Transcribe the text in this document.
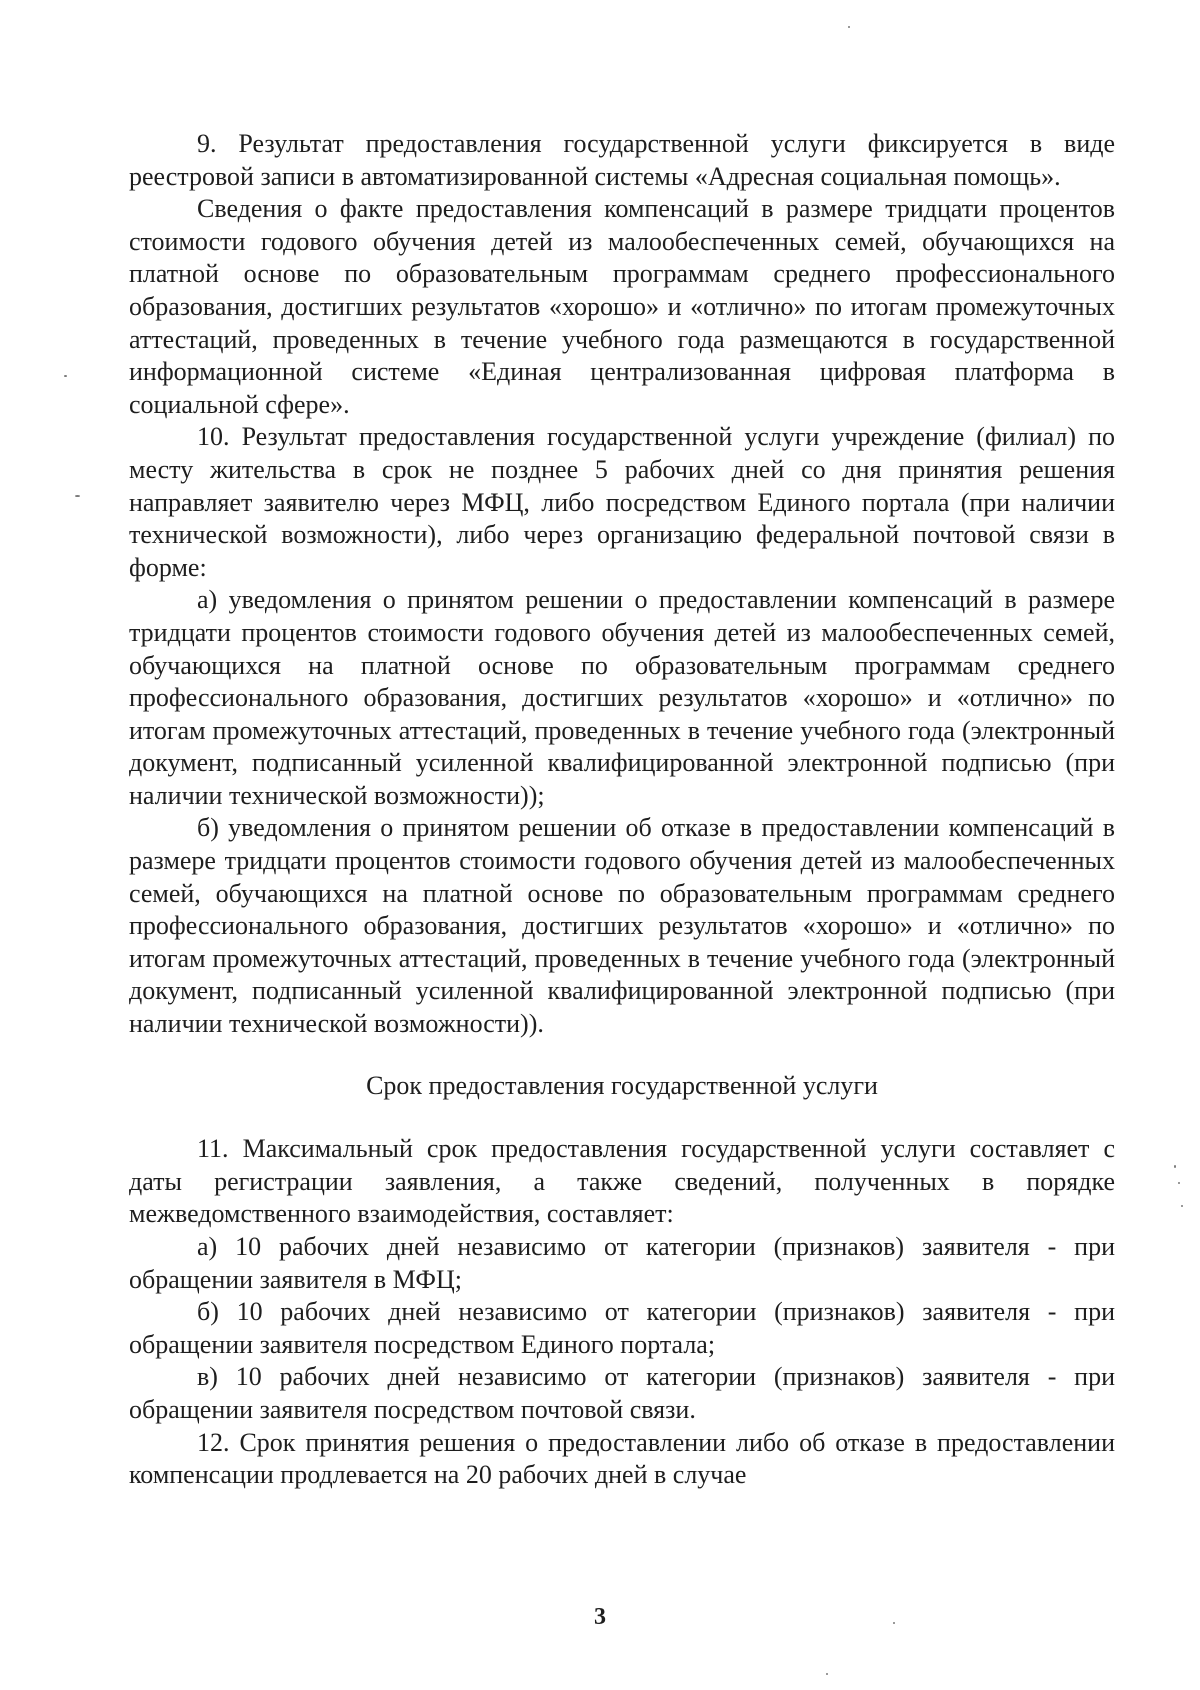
9. Результат предоставления государственной услуги фиксируется в виде реестровой записи в автоматизированной системы «Адресная социальная помощь».

Сведения о факте предоставления компенсаций в размере тридцати процентов стоимости годового обучения детей из малообеспеченных семей, обучающихся на платной основе по образовательным программам среднего профессионального образования, достигших результатов «хорошо» и «отлично» по итогам промежуточных аттестаций, проведенных в течение учебного года размещаются в государственной информационной системе «Единая централизованная цифровая платформа в социальной сфере».

10. Результат предоставления государственной услуги учреждение (филиал) по месту жительства в срок не позднее 5 рабочих дней со дня принятия решения направляет заявителю через МФЦ, либо посредством Единого портала (при наличии технической возможности), либо через организацию федеральной почтовой связи в форме:

а) уведомления о принятом решении о предоставлении компенсаций в размере тридцати процентов стоимости годового обучения детей из малообеспеченных семей, обучающихся на платной основе по образовательным программам среднего профессионального образования, достигших результатов «хорошо» и «отлично» по итогам промежуточных аттестаций, проведенных в течение учебного года (электронный документ, подписанный усиленной квалифицированной электронной подписью (при наличии технической возможности));

б) уведомления о принятом решении об отказе в предоставлении компенсаций в размере тридцати процентов стоимости годового обучения детей из малообеспеченных семей, обучающихся на платной основе по образовательным программам среднего профессионального образования, достигших результатов «хорошо» и «отлично» по итогам промежуточных аттестаций, проведенных в течение учебного года (электронный документ, подписанный усиленной квалифицированной электронной подписью (при наличии технической возможности)).

Срок предоставления государственной услуги

11. Максимальный срок предоставления государственной услуги составляет с даты регистрации заявления, а также сведений, полученных в порядке межведомственного взаимодействия, составляет:

а) 10 рабочих дней независимо от категории (признаков) заявителя - при обращении заявителя в МФЦ;

б) 10 рабочих дней независимо от категории (признаков) заявителя - при обращении заявителя посредством Единого портала;

в) 10 рабочих дней независимо от категории (признаков) заявителя - при обращении заявителя посредством почтовой связи.

12. Срок принятия решения о предоставлении либо об отказе в предоставлении компенсации продлевается на 20 рабочих дней в случае

3
